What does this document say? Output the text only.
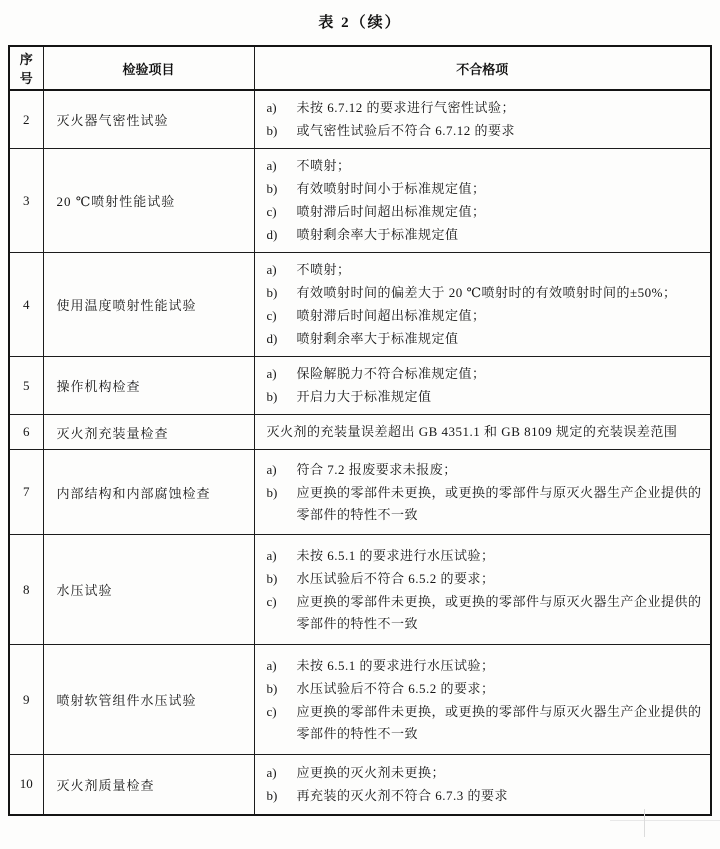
表 2（续）
序号	检验项目	不合格项
2	灭火器气密性试验	a) 未按 6.7.12 的要求进行气密性试验；
b) 或气密性试验后不符合 6.7.12 的要求

3	20 ℃喷射性能试验	
a)	不喷射；
b)	有效喷射时间小于标准规定值；
c)	喷射滞后时间超出标准规定值；
d)	喷射剩余率大于标准规定值

4	使用温度喷射性能试验	
a)	不喷射；
b)	有效喷射时间的偏差大于 20 ℃喷射时的有效喷射时间的±50%；
c)	喷射滞后时间超出标准规定值；
d)	喷射剩余率大于标准规定值

5	操作机构检查	a) 保险解脱力不符合标准规定值；
b) 开启力大于标准规定值

6	灭火剂充装量检查	灭火剂的充装量误差超出 GB 4351.1 和 GB 8109 规定的充装误差范围

7	内部结构和内部腐蚀检查	a) 符合 7.2 报废要求未报废；
b) 应更换的零部件未更换，或更换的零部件与原灭火器生产企业提供的零部件的特性不一致

8	水压试验	
a)	未按 6.5.1 的要求进行水压试验；
b)	水压试验后不符合 6.5.2 的要求；
c)	应更换的零部件未更换，或更换的零部件与原灭火器生产企业提供的零部件的特性不一致

9	喷射软管组件水压试验	
a)	未按 6.5.1 的要求进行水压试验；
b)	水压试验后不符合 6.5.2 的要求；
c)	应更换的零部件未更换，或更换的零部件与原灭火器生产企业提供的零部件的特性不一致

10	灭火剂质量检查	a) 应更换的灭火剂未更换；
b) 再充装的灭火剂不符合 6.7.3 的要求
